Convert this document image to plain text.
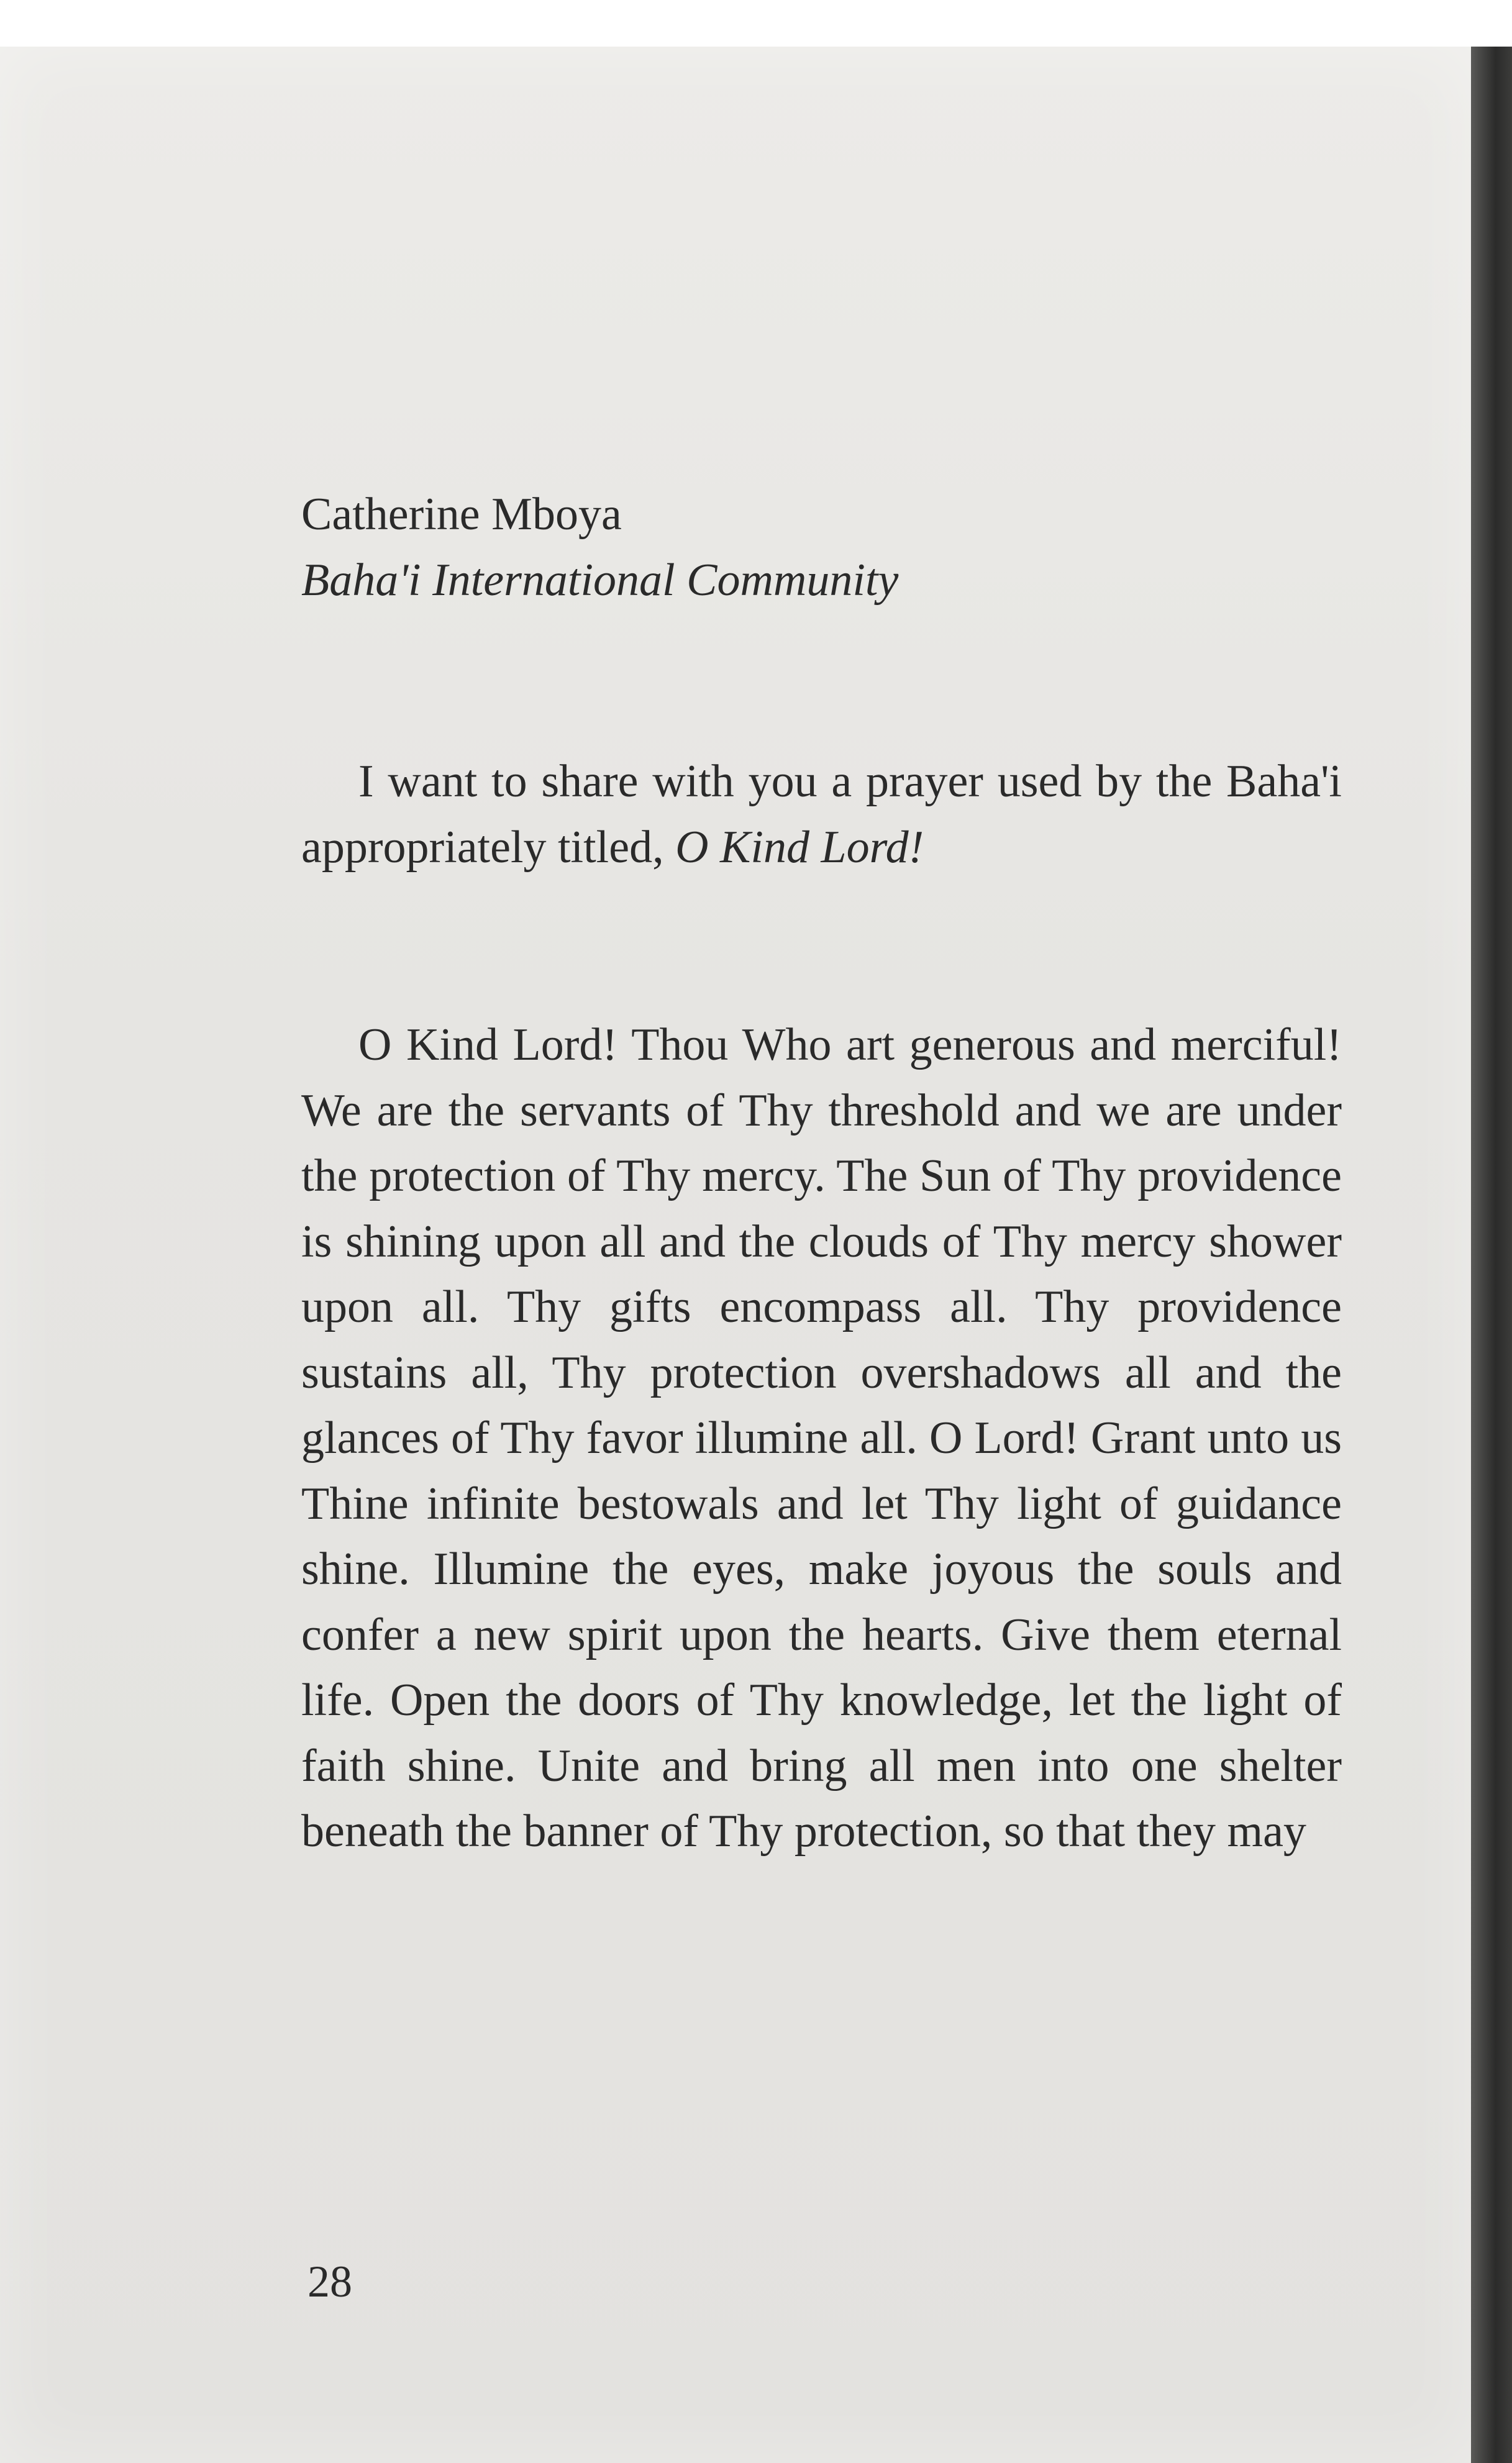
Catherine Mboya
Baha'i International Community

I want to share with you a prayer used by the Baha'i appropriately titled, O Kind Lord!

O Kind Lord! Thou Who art generous and merciful! We are the servants of Thy threshold and we are under the protection of Thy mercy. The Sun of Thy providence is shining upon all and the clouds of Thy mercy shower upon all. Thy gifts encompass all. Thy providence sustains all, Thy protection overshadows all and the glances of Thy favor illumine all. O Lord! Grant unto us Thine infinite bestowals and let Thy light of guidance shine. Illumine the eyes, make joyous the souls and confer a new spirit upon the hearts. Give them eternal life. Open the doors of Thy knowledge, let the light of faith shine. Unite and bring all men into one shelter beneath the banner of Thy protection, so that they may

28
